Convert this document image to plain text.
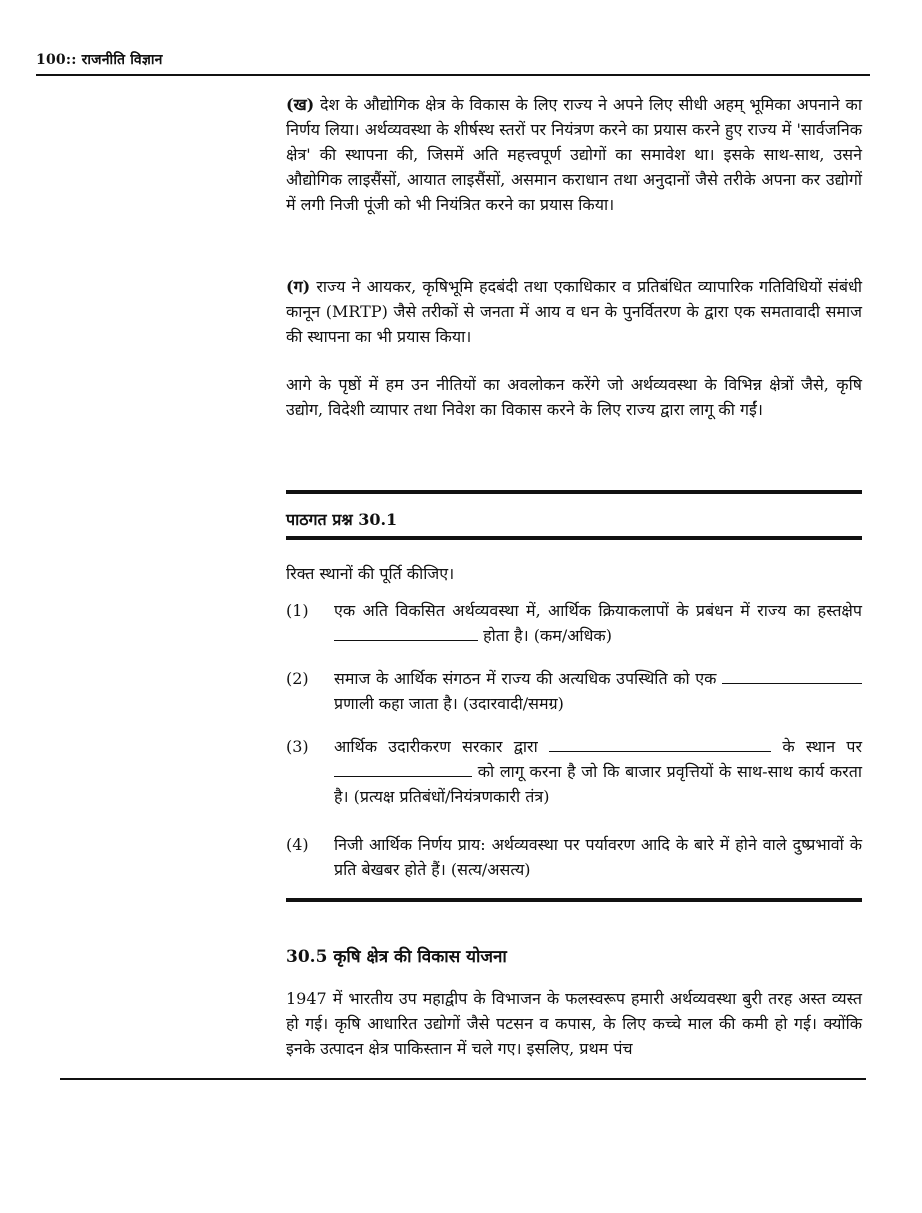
100:: राजनीति विज्ञान

(ख) देश के औद्योगिक क्षेत्र के विकास के लिए राज्य ने अपने लिए सीधी अहम् भूमिका अपनाने का निर्णय लिया। अर्थव्यवस्था के शीर्षस्थ स्तरों पर नियंत्रण करने का प्रयास करने हुए राज्य में 'सार्वजनिक क्षेत्र' की स्थापना की, जिसमें अति महत्त्वपूर्ण उद्योगों का समावेश था। इसके साथ-साथ, उसने औद्योगिक लाइसैंसों, आयात लाइसैंसों, असमान कराधान तथा अनुदानों जैसे तरीके अपना कर उद्योगों में लगी निजी पूंजी को भी नियंत्रित करने का प्रयास किया।

(ग) राज्य ने आयकर, कृषिभूमि हदबंदी तथा एकाधिकार व प्रतिबंधित व्यापारिक गतिविधियों संबंधी कानून (MRTP) जैसे तरीकों से जनता में आय व धन के पुनर्वितरण के द्वारा एक समतावादी समाज की स्थापना का भी प्रयास किया।

आगे के पृष्ठों में हम उन नीतियों का अवलोकन करेंगे जो अर्थव्यवस्था के विभिन्न क्षेत्रों जैसे, कृषि उद्योग, विदेशी व्यापार तथा निवेश का विकास करने के लिए राज्य द्वारा लागू की गईं।

पाठगत प्रश्न 30.1
रिक्त स्थानों की पूर्ति कीजिए।
(1)	एक अति विकसित अर्थव्यवस्था में, आर्थिक क्रियाकलापों के प्रबंधन में राज्य का हस्तक्षेप  होता है। (कम/अधिक)
(2)	समाज के आर्थिक संगठन में राज्य की अत्यधिक उपस्थिति को एक  प्रणाली कहा जाता है। (उदारवादी/समग्र)
(3)	आर्थिक उदारीकरण सरकार द्वारा	के स्थान पर  को लागू करना है जो कि बाजार प्रवृत्तियों के साथ-साथ कार्य करता है। (प्रत्यक्ष प्रतिबंधों/नियंत्रणकारी तंत्र)
(4)	निजी आर्थिक निर्णय प्राय: अर्थव्यवस्था पर पर्यावरण आदि के बारे में होने वाले दुष्प्रभावों के प्रति बेखबर होते हैं। (सत्य/असत्य)
30.5 कृषि क्षेत्र की विकास योजना

1947 में भारतीय उप महाद्वीप के विभाजन के फलस्वरूप हमारी अर्थव्यवस्था बुरी तरह अस्त व्यस्त हो गई। कृषि आधारित उद्योगों जैसे पटसन व कपास, के लिए कच्चे माल की कमी हो गई। क्योंकि इनके उत्पादन क्षेत्र पाकिस्तान में चले गए। इसलिए, प्रथम पंच
